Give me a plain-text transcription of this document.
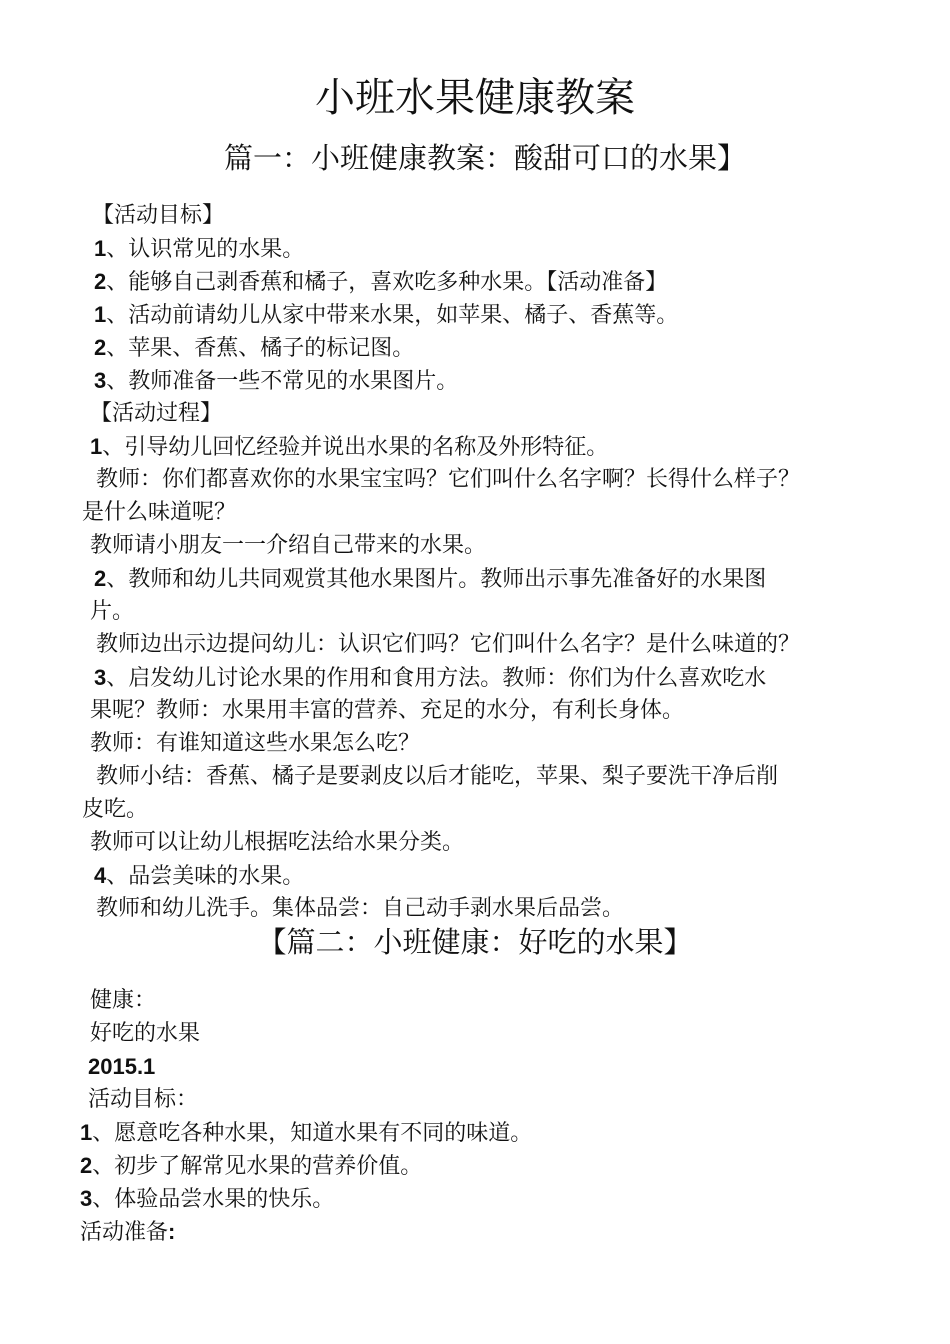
小班水果健康教案
篇一：小班健康教案：酸甜可口的水果】

【活动目标】

1、认识常见的水果。

2、能够自己剥香蕉和橘子，喜欢吃多种水果。【活动准备】

1、活动前请幼儿从家中带来水果，如苹果、橘子、香蕉等。

2、苹果、香蕉、橘子的标记图。

3、教师准备一些不常见的水果图片。

【活动过程】

1、引导幼儿回忆经验并说出水果的名称及外形特征。

教师：你们都喜欢你的水果宝宝吗？它们叫什么名字啊？长得什么样子？

是什么味道呢？

教师请小朋友一一介绍自己带来的水果。

2、教师和幼儿共同观赏其他水果图片。教师出示事先准备好的水果图

片。

教师边出示边提问幼儿：认识它们吗？它们叫什么名字？是什么味道的？

3、启发幼儿讨论水果的作用和食用方法。教师：你们为什么喜欢吃水

果呢？教师：水果用丰富的营养、充足的水分，有利长身体。

教师：有谁知道这些水果怎么吃？

教师小结：香蕉、橘子是要剥皮以后才能吃，苹果、梨子要洗干净后削

皮吃。

教师可以让幼儿根据吃法给水果分类。

4、品尝美味的水果。

教师和幼儿洗手。集体品尝：自己动手剥水果后品尝。

【篇二：小班健康：好吃的水果】

健康：

好吃的水果

2015.1

活动目标：

1、愿意吃各种水果，知道水果有不同的味道。

2、初步了解常见水果的营养价值。

3、体验品尝水果的快乐。

活动准备:
